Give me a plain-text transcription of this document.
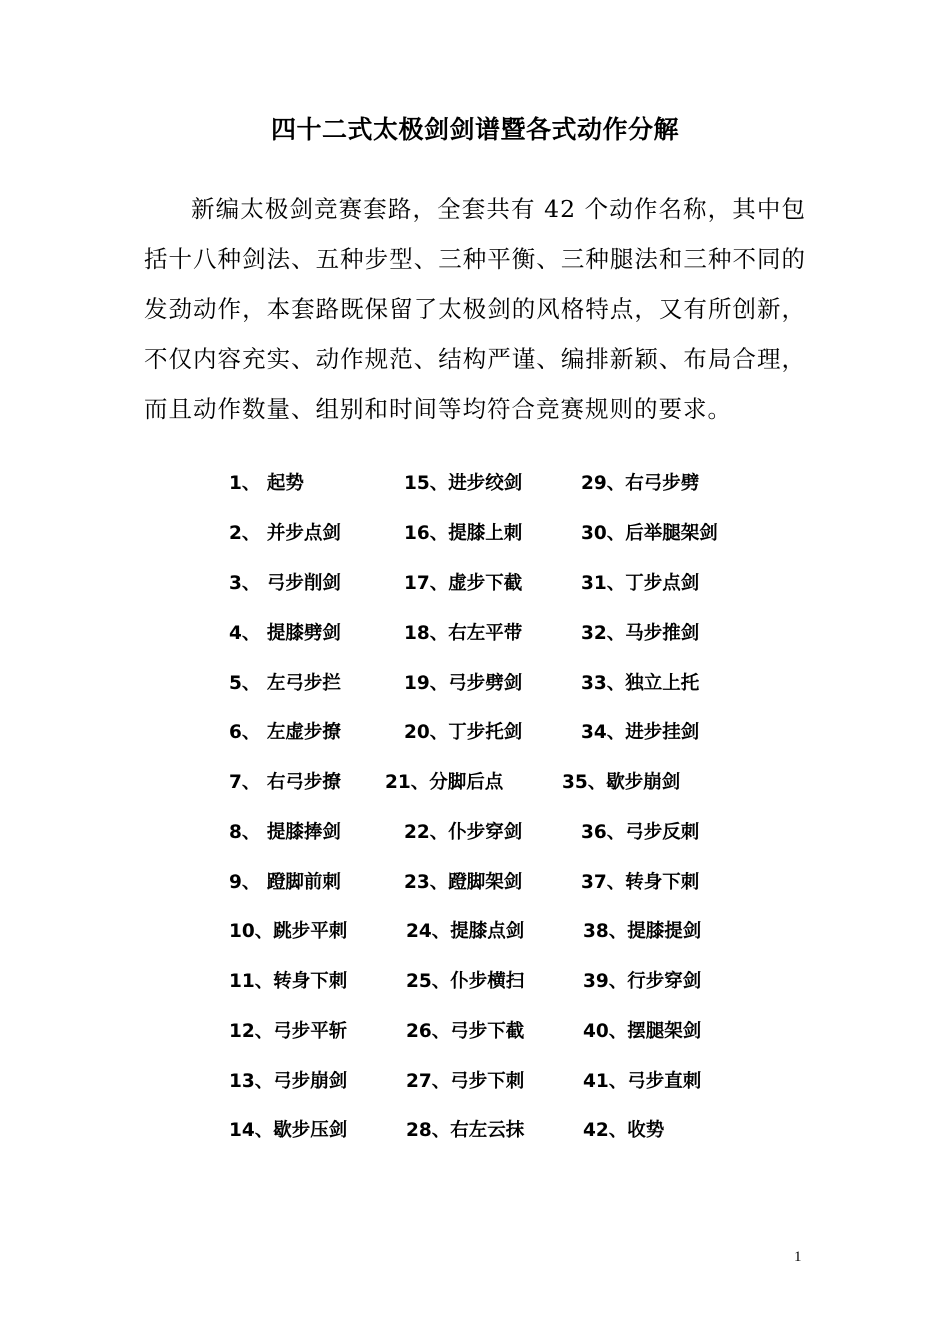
四十二式太极剑剑谱暨各式动作分解

新编太极剑竞赛套路，全套共有 42 个动作名称，其中包括十八种剑法、五种步型、三种平衡、三种腿法和三种不同的发劲动作，本套路既保留了太极剑的风格特点，又有所创新，不仅内容充实、动作规范、结构严谨、编排新颖、布局合理，而且动作数量、组别和时间等均符合竞赛规则的要求。

1、 起势
2、 并步点剑
3、 弓步削剑
4、 提膝劈剑
5、 左弓步拦
6、 左虚步撩
7、 右弓步撩
8、 提膝捧剑
9、 蹬脚前刺
10、跳步平刺
11、转身下刺
12、弓步平斩
13、弓步崩剑
14、歇步压剑
15、进步绞剑
16、提膝上刺
17、虚步下截
18、右左平带
19、弓步劈剑
20、丁步托剑
21、分脚后点
22、仆步穿剑
23、蹬脚架剑
24、提膝点剑
25、仆步横扫
26、弓步下截
27、弓步下刺
28、右左云抹
29、右弓步劈
30、后举腿架剑
31、丁步点剑
32、马步推剑
33、独立上托
34、进步挂剑
35、歇步崩剑
36、弓步反刺
37、转身下刺
38、提膝提剑
39、行步穿剑
40、摆腿架剑
41、弓步直刺
42、收势
1
